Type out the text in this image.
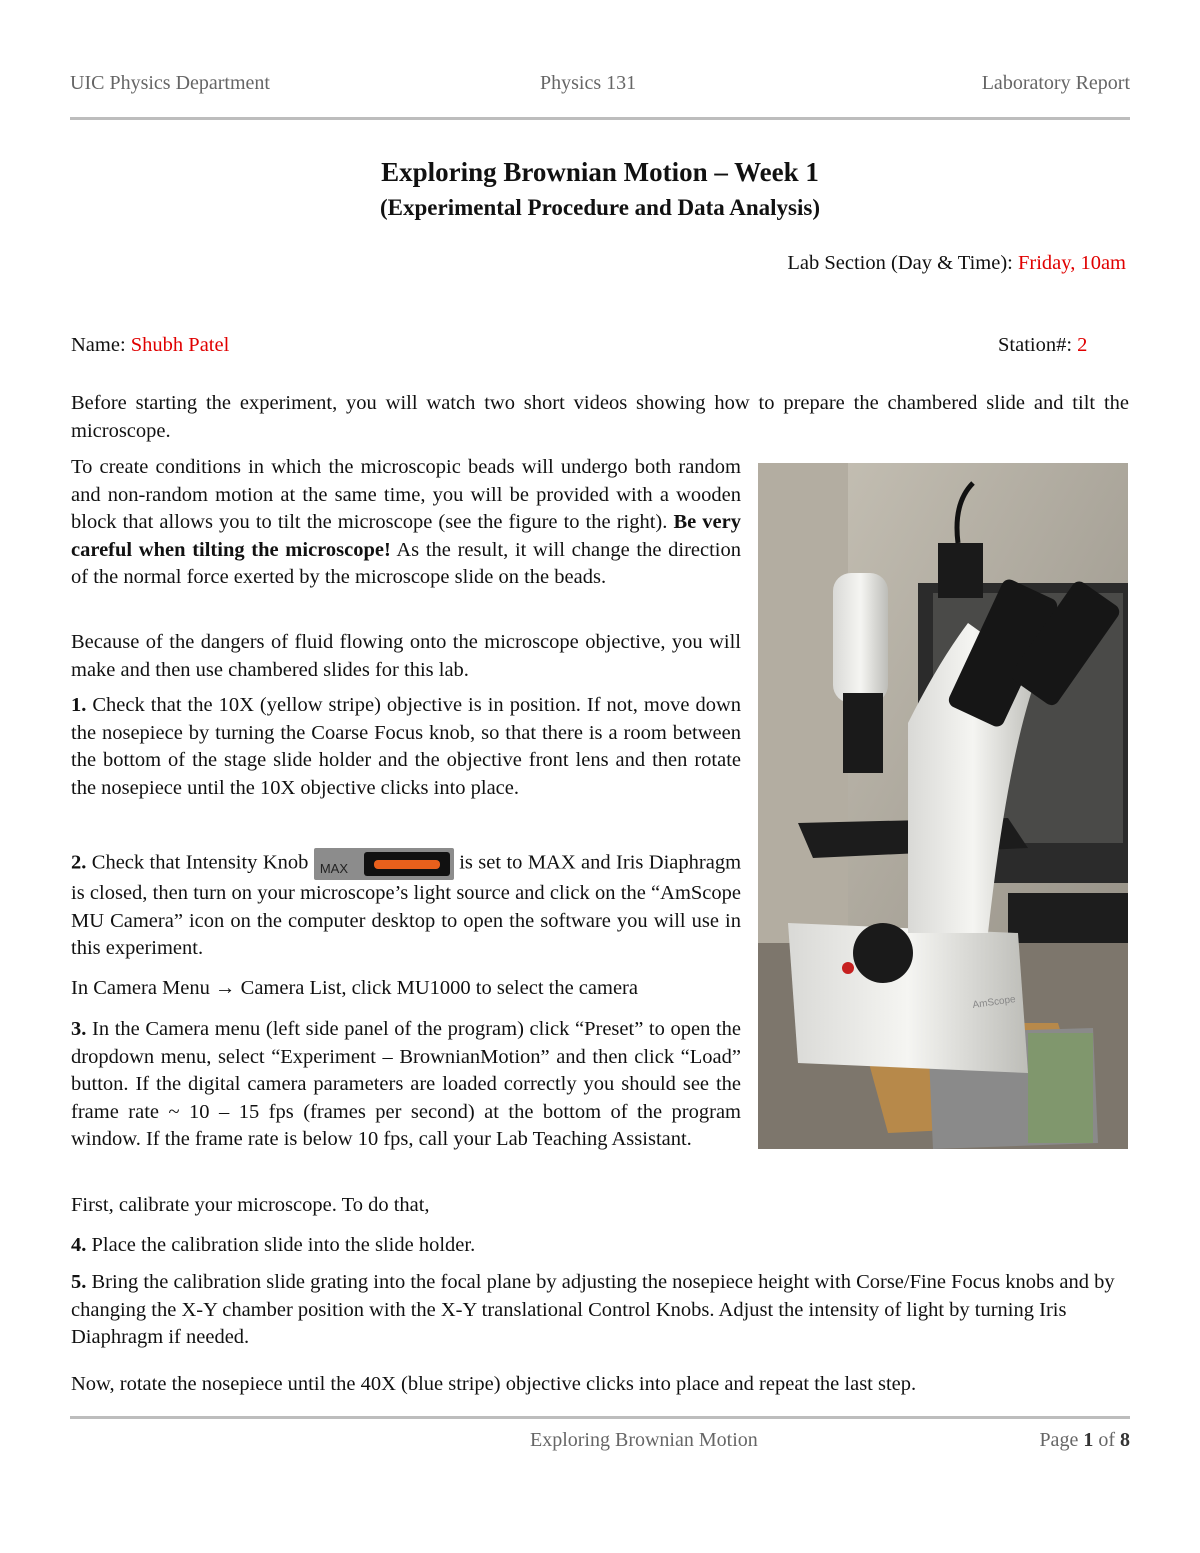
UIC Physics Department	Physics 131	Laboratory Report
Exploring Brownian Motion – Week 1
(Experimental Procedure and Data Analysis)
Lab Section (Day & Time): Friday, 10am
Name: Shubh Patel	Station#: 2

Before starting the experiment, you will watch two short videos showing how to prepare the chambered slide and tilt the microscope.

To create conditions in which the microscopic beads will undergo both random and non-random motion at the same time, you will be provided with a wooden block that allows you to tilt the microscope (see the figure to the right). Be very careful when tilting the microscope! As the result, it will change the direction of the normal force exerted by the microscope slide on the beads.

Because of the dangers of fluid flowing onto the microscope objective, you will make and then use chambered slides for this lab.

1. Check that the 10X (yellow stripe) objective is in position. If not, move down the nosepiece by turning the Coarse Focus knob, so that there is a room between the bottom of the stage slide holder and the objective front lens and then rotate the nosepiece until the 10X objective clicks into place.

2. Check that Intensity Knob MAX	is set to MAX and Iris Diaphragm is closed, then turn on your microscope’s light source and click on the “AmScope MU Camera” icon on the computer desktop to open the software you will use in this experiment.

In Camera Menu → Camera List, click MU1000 to select the camera

3. In the Camera menu (left side panel of the program) click “Preset” to open the dropdown menu, select “Experiment – BrownianMotion” and then click “Load” button. If the digital camera parameters are loaded correctly you should see the frame rate ~ 10 – 15 fps (frames per second) at the bottom of the program window. If the frame rate is below 10 fps, call your Lab Teaching Assistant.

First, calibrate your microscope. To do that,

4. Place the calibration slide into the slide holder.

5. Bring the calibration slide grating into the focal plane by adjusting the nosepiece height with Corse/Fine Focus knobs and by changing the X-Y chamber position with the X-Y translational Control Knobs. Adjust the intensity of light by turning Iris Diaphragm if needed.

Now, rotate the nosepiece until the 40X (blue stripe) objective clicks into place and repeat the last step.

AmScope
Exploring Brownian Motion	Page 1 of 8
